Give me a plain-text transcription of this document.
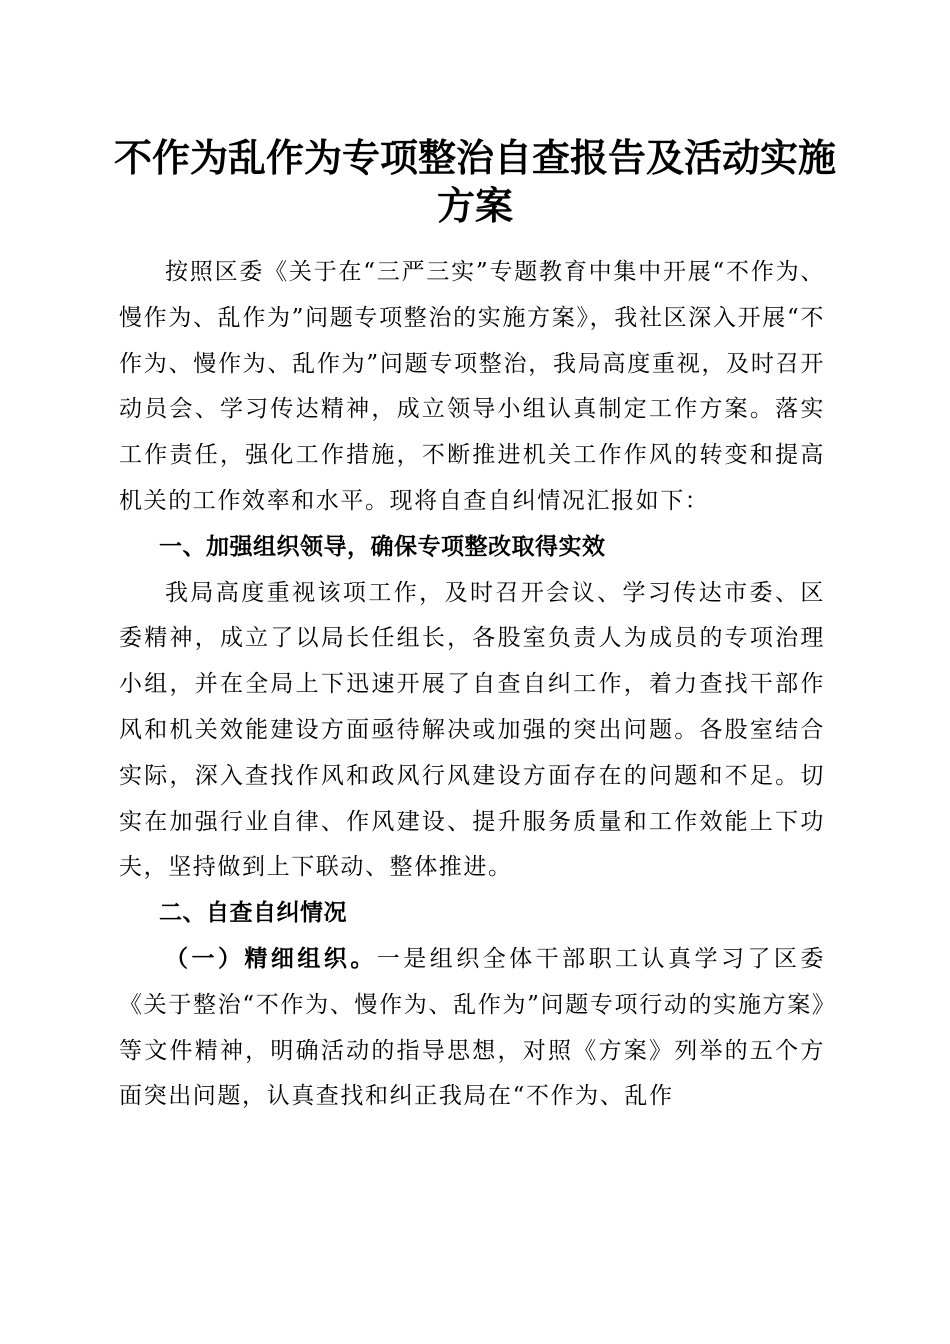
不作为乱作为专项整治自查报告及活动实施方案

按照区委《关于在“三严三实”专题教育中集中开展“不作为、慢作为、乱作为”问题专项整治的实施方案》，我社区深入开展“不作为、慢作为、乱作为”问题专项整治，我局高度重视，及时召开动员会、学习传达精神，成立领导小组认真制定工作方案。落实工作责任，强化工作措施，不断推进机关工作作风的转变和提高机关的工作效率和水平。现将自查自纠情况汇报如下：

一、加强组织领导，确保专项整改取得实效

我局高度重视该项工作，及时召开会议、学习传达市委、区委精神，成立了以局长任组长，各股室负责人为成员的专项治理小组，并在全局上下迅速开展了自查自纠工作，着力查找干部作风和机关效能建设方面亟待解决或加强的突出问题。各股室结合实际，深入查找作风和政风行风建设方面存在的问题和不足。切实在加强行业自律、作风建设、提升服务质量和工作效能上下功夫，坚持做到上下联动、整体推进。

二、自查自纠情况

（一）精细组织。一是组织全体干部职工认真学习了区委《关于整治“不作为、慢作为、乱作为”问题专项行动的实施方案》等文件精神，明确活动的指导思想，对照《方案》列举的五个方面突出问题，认真查找和纠正我局在“不作为、乱作
